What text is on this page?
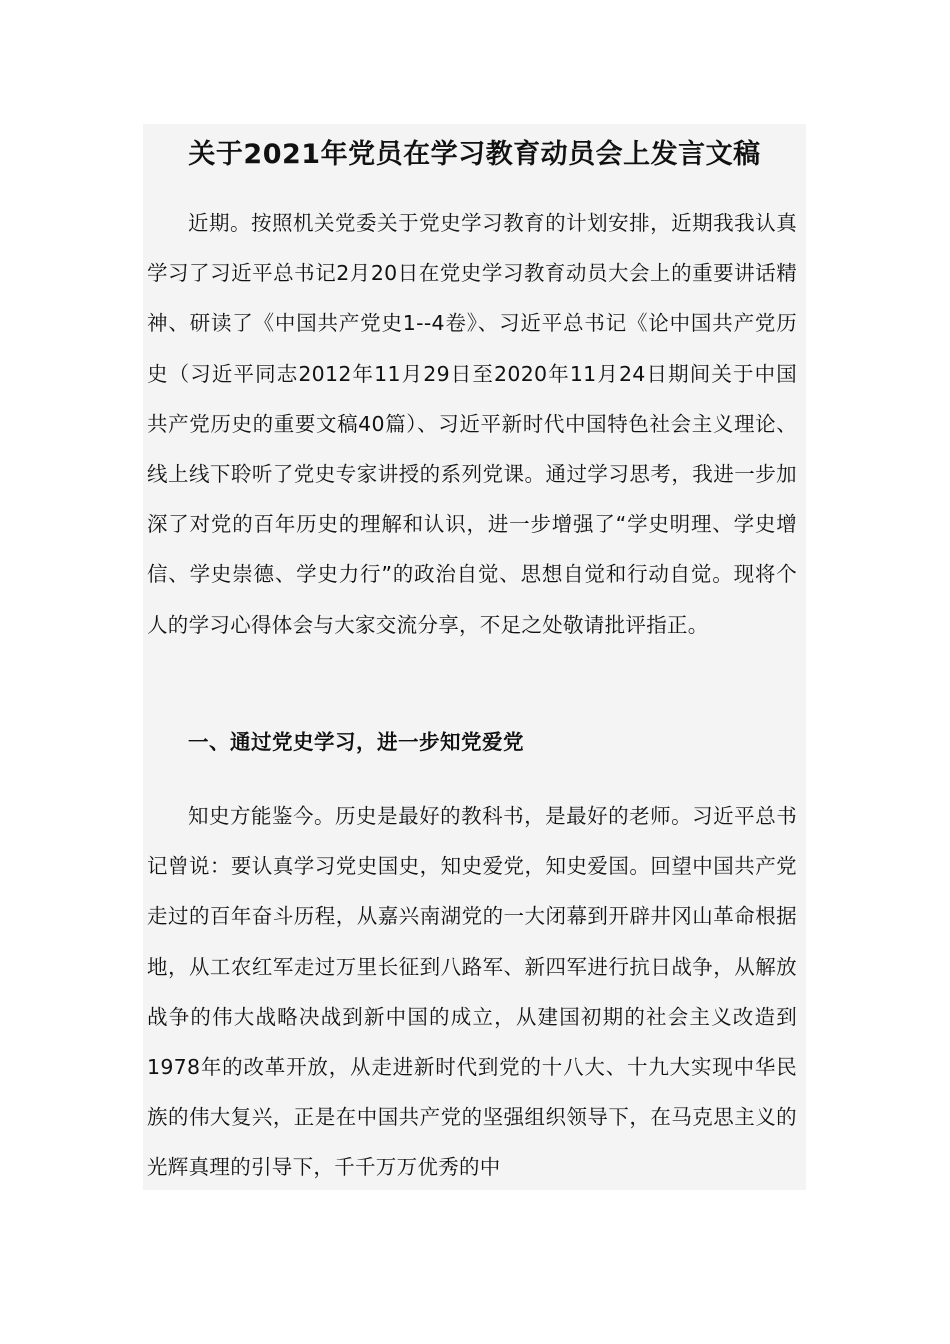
关于2021年党员在学习教育动员会上发言文稿

近期。按照机关党委关于党史学习教育的计划安排，近期我我认真学习了习近平总书记2月20日在党史学习教育动员大会上的重要讲话精神、研读了《中国共产党史1--4卷》、习近平总书记《论中国共产党历史（习近平同志2012年11月29日至2020年11月24日期间关于中国共产党历史的重要文稿40篇）、习近平新时代中国特色社会主义理论、线上线下聆听了党史专家讲授的系列党课。通过学习思考，我进一步加深了对党的百年历史的理解和认识，进一步增强了“学史明理、学史增信、学史崇德、学史力行”的政治自觉、思想自觉和行动自觉。现将个人的学习心得体会与大家交流分享，不足之处敬请批评指正。

一、通过党史学习，进一步知党爱党

知史方能鉴今。历史是最好的教科书，是最好的老师。习近平总书记曾说：要认真学习党史国史，知史爱党，知史爱国。回望中国共产党走过的百年奋斗历程，从嘉兴南湖党的一大闭幕到开辟井冈山革命根据地，从工农红军走过万里长征到八路军、新四军进行抗日战争，从解放战争的伟大战略决战到新中国的成立，从建国初期的社会主义改造到1978年的改革开放，从走进新时代到党的十八大、十九大实现中华民族的伟大复兴，正是在中国共产党的坚强组织领导下，在马克思主义的光辉真理的引导下，千千万万优秀的中
